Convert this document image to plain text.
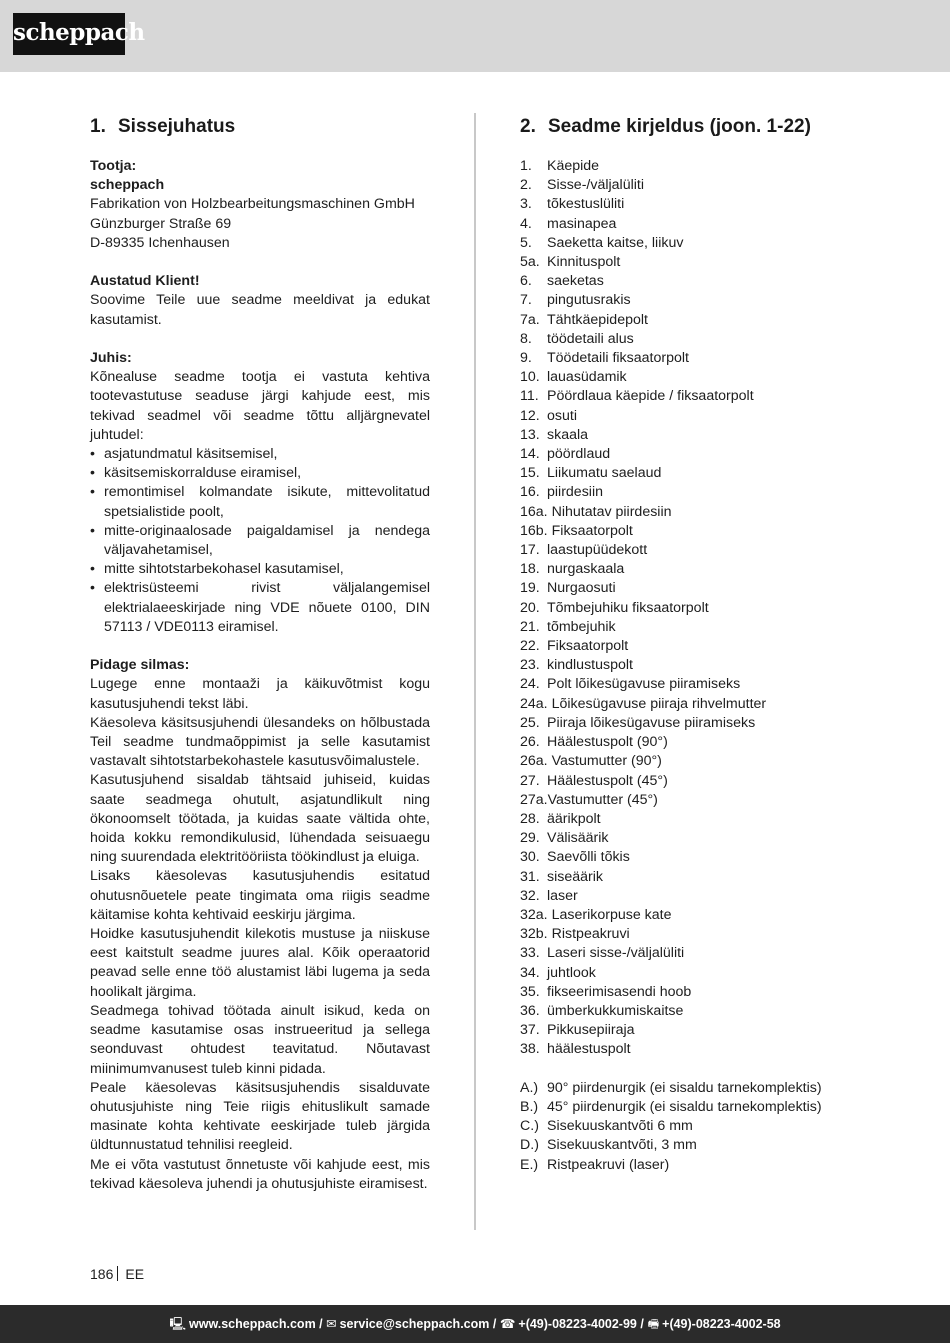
scheppach
1. Sissejuhatus

Tootja:

scheppach

Fabrikation von Holzbearbeitungsmaschinen GmbH

Günzburger Straße 69

D-89335 Ichenhausen

Austatud Klient!

Soovime Teile uue seadme meeldivat ja edukat kasutamist.

Juhis:

Kõnealuse seadme tootja ei vastuta kehtiva tootevastutuse seaduse järgi kahjude eest, mis tekivad seadmel või seadme tõttu alljärgnevatel juhtudel:

• asjatundmatul käsitsemisel,
• käsitsemiskorralduse eiramisel,
• remontimisel kolmandate isikute, mittevolitatud spetsialistide poolt,
• mitte-originaalosade paigaldamisel ja nendega väljavahetamisel,
• mitte sihtotstarbekohasel kasutamisel,
• elektrisüsteemi rivist väljalangemisel elektrialaeeskirjade ning VDE nõuete 0100, DIN 57113 / VDE0113 eiramisel.

Pidage silmas:

Lugege enne montaaži ja käikuvõtmist kogu kasutusjuhendi tekst läbi.

Käesoleva käsitsusjuhendi ülesandeks on hõlbustada Teil seadme tundmaõppimist ja selle kasutamist vastavalt sihtotstarbekohastele kasutusvõimalustele.

Kasutusjuhend sisaldab tähtsaid juhiseid, kuidas saate seadmega ohutult, asjatundlikult ning ökonoomselt töötada, ja kuidas saate vältida ohte, hoida kokku remondikulusid, lühendada seisuaegu ning suurendada elektritööriista töökindlust ja eluiga.

Lisaks käesolevas kasutusjuhendis esitatud ohutusnõuetele peate tingimata oma riigis seadme käitamise kohta kehtivaid eeskirju järgima.

Hoidke kasutusjuhendit kilekotis mustuse ja niiskuse eest kaitstult seadme juures alal. Kõik operaatorid peavad selle enne töö alustamist läbi lugema ja seda hoolikalt järgima.

Seadmega tohivad töötada ainult isikud, keda on seadme kasutamise osas instrueeritud ja sellega seonduvast ohtudest teavitatud. Nõutavast miinimumvanusest tuleb kinni pidada.

Peale käesolevas käsitsusjuhendis sisalduvate ohutusjuhiste ning Teie riigis ehituslikult samade masinate kohta kehtivate eeskirjade tuleb järgida üldtunnustatud tehnilisi reegleid.

Me ei võta vastutust õnnetuste või kahjude eest, mis tekivad käesoleva juhendi ja ohutusjuhiste eiramisest.

2. Seadme kirjeldus (joon. 1-22)
1.	Käepide
2.	Sisse-/väljalüliti
3.	tõkestuslüliti
4.	masinapea
5.	Saeketta kaitse, liikuv
5a. Kinnituspolt
6.	saeketas
7.	pingutusrakis
7a. Tähtkäepidepolt
8.	töödetaili alus
9.	Töödetaili fiksaatorpolt
10. lauasüdamik
11. Pöördlaua käepide / fiksaatorpolt
12. osuti
13. skaala
14. pöördlaud
15. Liikumatu saelaud
16. piirdesiin
16a. Nihutatav piirdesiin
16b. Fiksaatorpolt
17. laastupüüdekott
18. nurgaskaala
19. Nurgaosuti
20. Tõmbejuhiku fiksaatorpolt
21. tõmbejuhik
22. Fiksaatorpolt
23. kindlustuspolt
24. Polt lõikesügavuse piiramiseks
24a. Lõikesügavuse piiraja rihvelmutter
25. Piiraja lõikesügavuse piiramiseks
26. Häälestuspolt (90°)
26a. Vastumutter (90°)
27. Häälestuspolt (45°)
27a. Vastumutter (45°)
28. äärikpolt
29. Välisäärik
30. Saevõlli tõkis
31. siseäärik
32. laser
32a. Laserikorpuse kate
32b. Ristpeakruvi
33. Laseri sisse-/väljalüliti
34. juhtlook
35. fikseerimisasendi hoob
36. ümberkukkumiskaitse
37. Pikkusepiiraja
38. häälestuspolt
A.) 90° piirdenurgik (ei sisaldu tarnekomplektis)
B.) 45° piirdenurgik (ei sisaldu tarnekomplektis)
C.) Sisekuuskantvõti 6 mm
D.) Sisekuuskantvõti, 3 mm
E.) Ristpeakruvi (laser)
186 EE
🖳 www.scheppach.com / ✉ service@scheppach.com / ☎ +(49)-08223-4002-99 / 🖷 +(49)-08223-4002-58
